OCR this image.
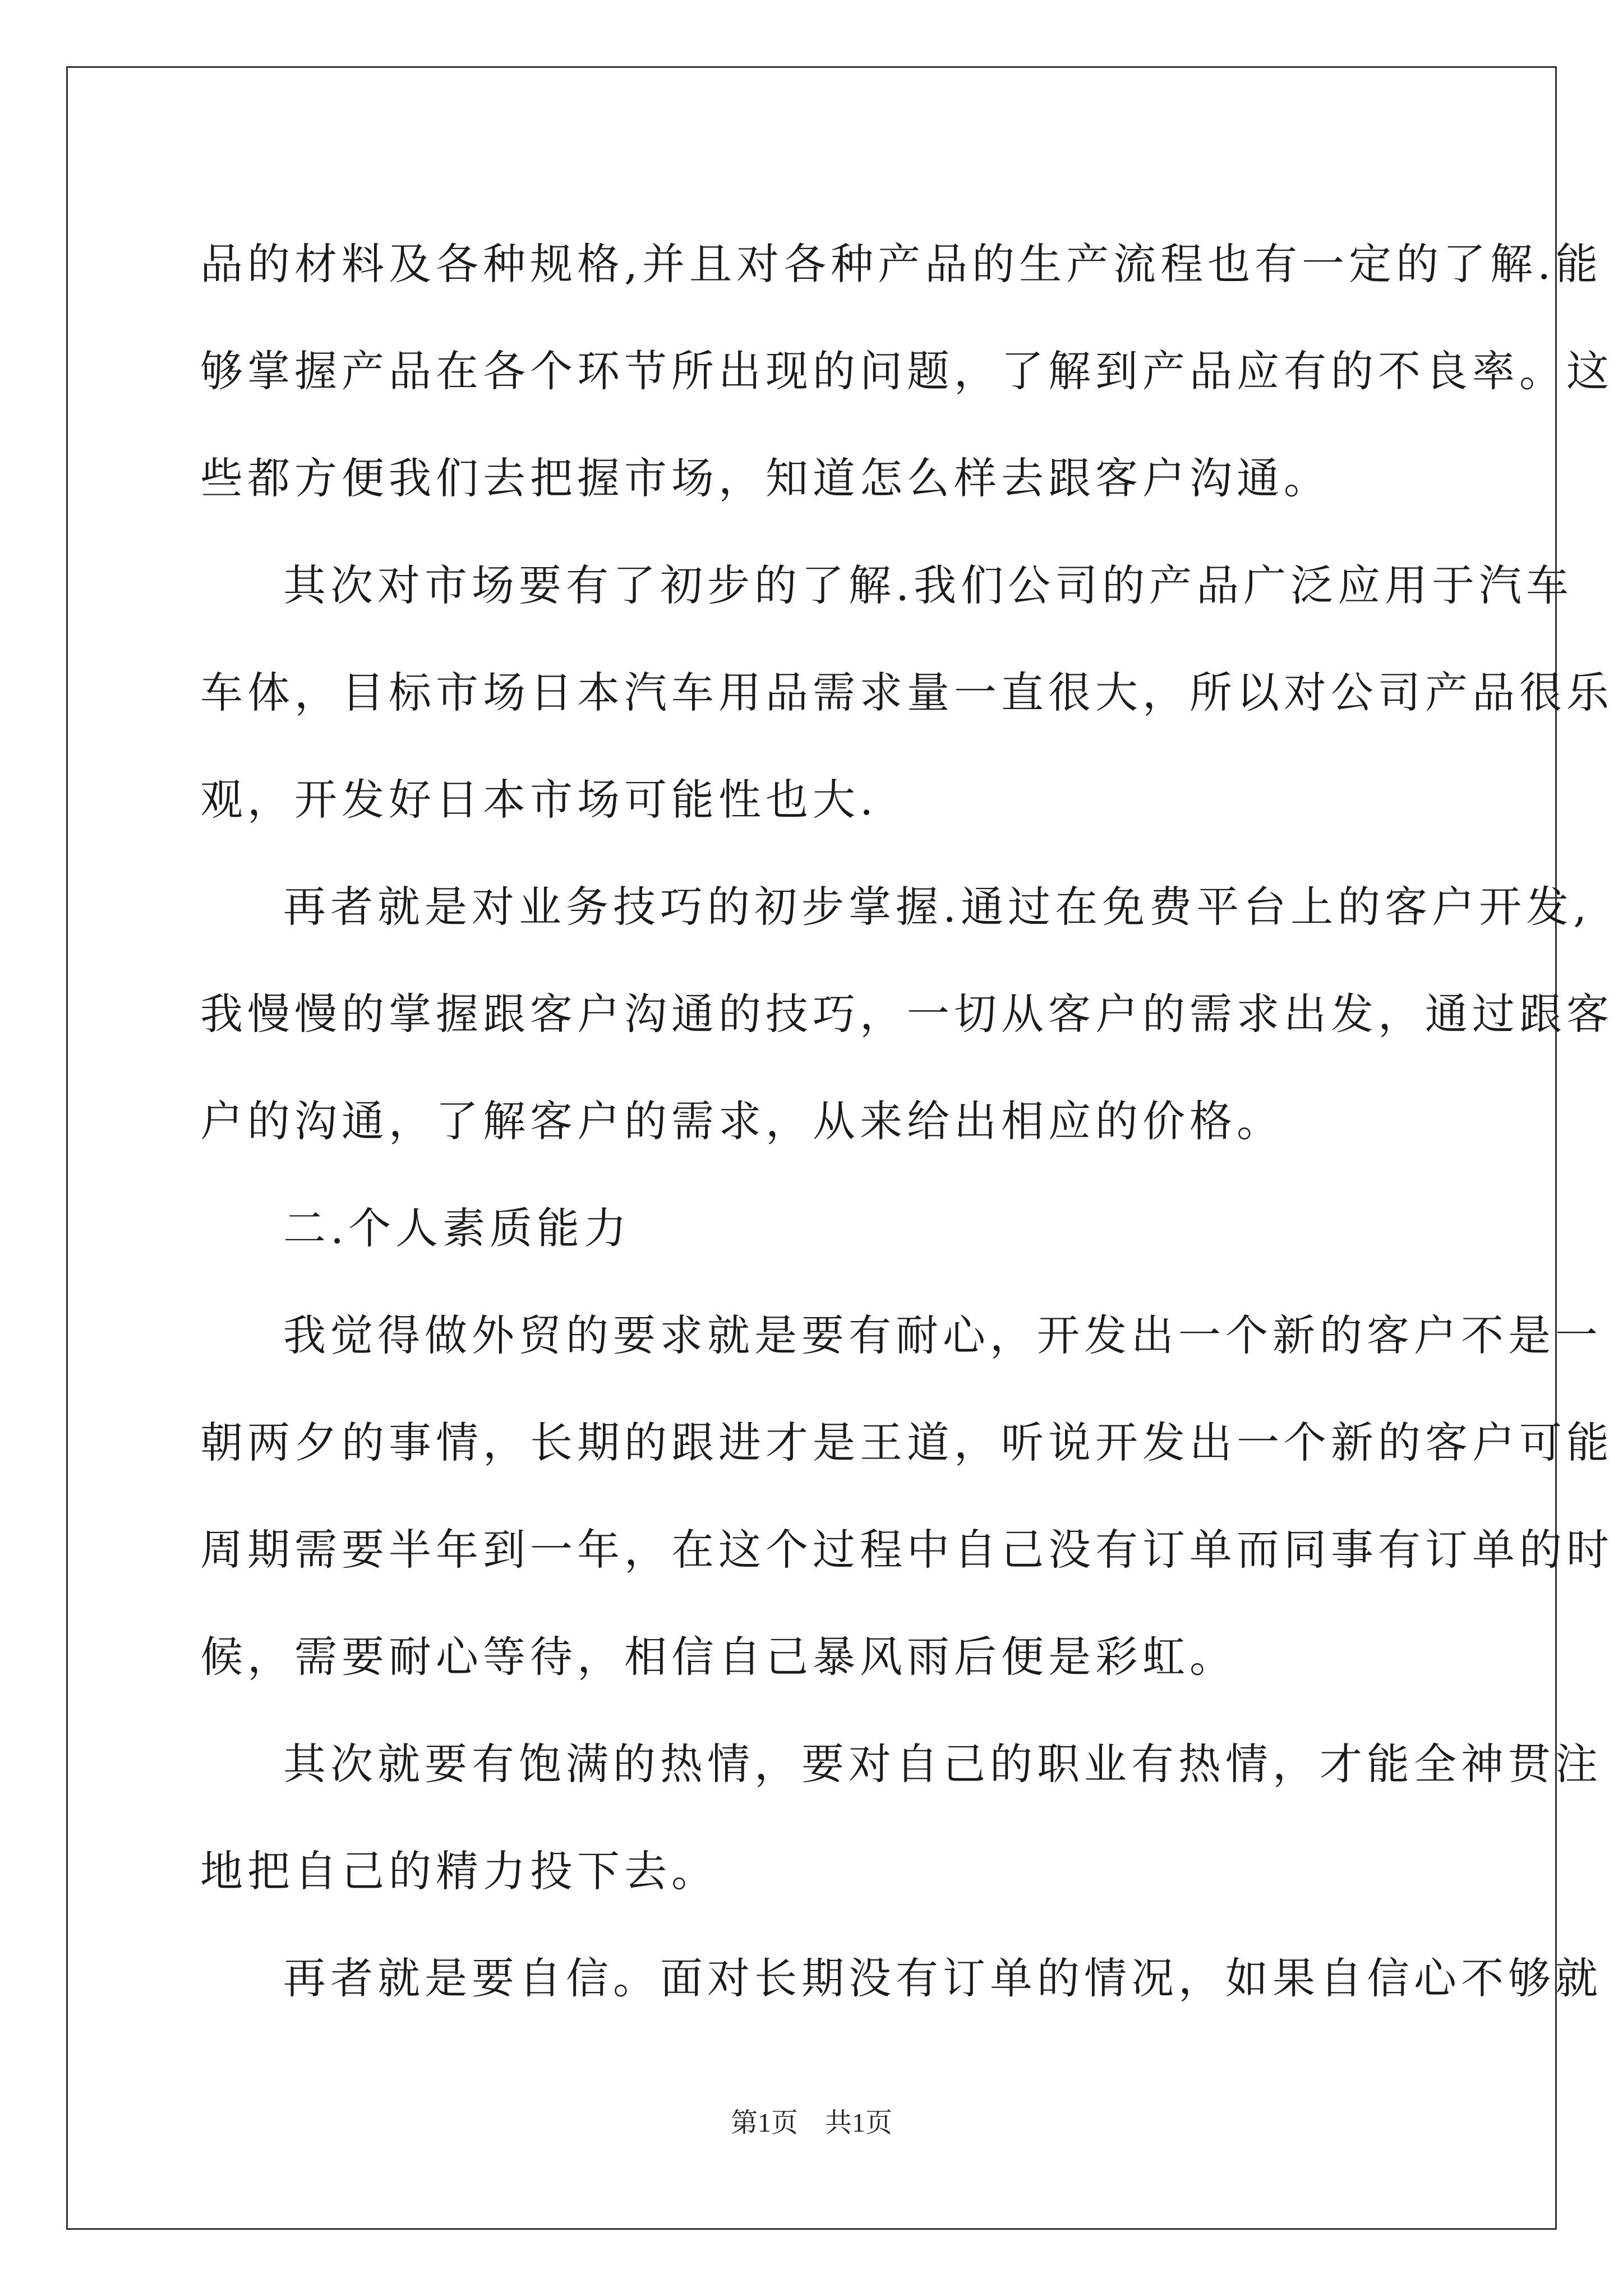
品的材料及各种规格,并且对各种产品的生产流程也有一定的了解.能
够掌握产品在各个环节所出现的问题，了解到产品应有的不良率。这
些都方便我们去把握市场，知道怎么样去跟客户沟通。
其次对市场要有了初步的了解.我们公司的产品广泛应用于汽车
车体，目标市场日本汽车用品需求量一直很大，所以对公司产品很乐
观，开发好日本市场可能性也大.
再者就是对业务技巧的初步掌握.通过在免费平台上的客户开发,
我慢慢的掌握跟客户沟通的技巧，一切从客户的需求出发，通过跟客
户的沟通，了解客户的需求，从来给出相应的价格。
二.个人素质能力
我觉得做外贸的要求就是要有耐心，开发出一个新的客户不是一
朝两夕的事情，长期的跟进才是王道，听说开发出一个新的客户可能
周期需要半年到一年，在这个过程中自己没有订单而同事有订单的时
候，需要耐心等待，相信自己暴风雨后便是彩虹。
其次就要有饱满的热情，要对自己的职业有热情，才能全神贯注
地把自己的精力投下去。
再者就是要自信。面对长期没有订单的情况，如果自信心不够就
第1页　共1页
